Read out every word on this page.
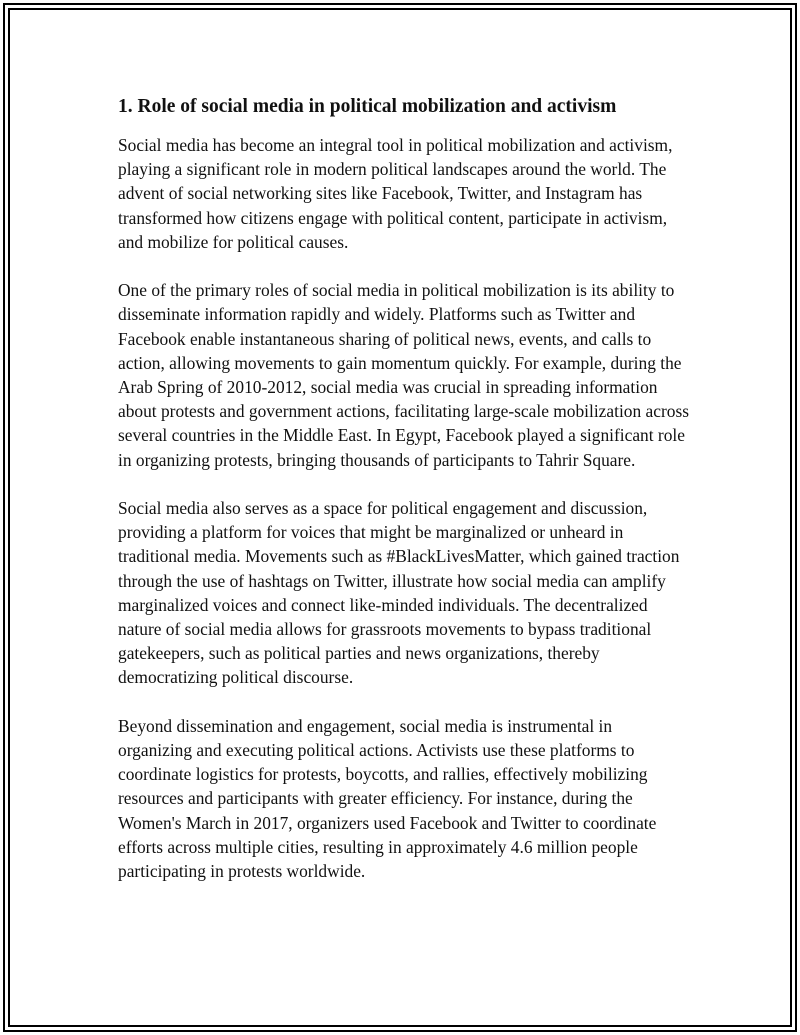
1. Role of social media in political mobilization and activism

Social media has become an integral tool in political mobilization and activism, playing a significant role in modern political landscapes around the world. The advent of social networking sites like Facebook, Twitter, and Instagram has transformed how citizens engage with political content, participate in activism, and mobilize for political causes.

One of the primary roles of social media in political mobilization is its ability to disseminate information rapidly and widely. Platforms such as Twitter and Facebook enable instantaneous sharing of political news, events, and calls to action, allowing movements to gain momentum quickly. For example, during the Arab Spring of 2010-2012, social media was crucial in spreading information about protests and government actions, facilitating large-scale mobilization across several countries in the Middle East. In Egypt, Facebook played a significant role in organizing protests, bringing thousands of participants to Tahrir Square.

Social media also serves as a space for political engagement and discussion, providing a platform for voices that might be marginalized or unheard in traditional media. Movements such as #BlackLivesMatter, which gained traction through the use of hashtags on Twitter, illustrate how social media can amplify marginalized voices and connect like-minded individuals. The decentralized nature of social media allows for grassroots movements to bypass traditional gatekeepers, such as political parties and news organizations, thereby democratizing political discourse.

Beyond dissemination and engagement, social media is instrumental in organizing and executing political actions. Activists use these platforms to coordinate logistics for protests, boycotts, and rallies, effectively mobilizing resources and participants with greater efficiency. For instance, during the Women's March in 2017, organizers used Facebook and Twitter to coordinate efforts across multiple cities, resulting in approximately 4.6 million people participating in protests worldwide.
